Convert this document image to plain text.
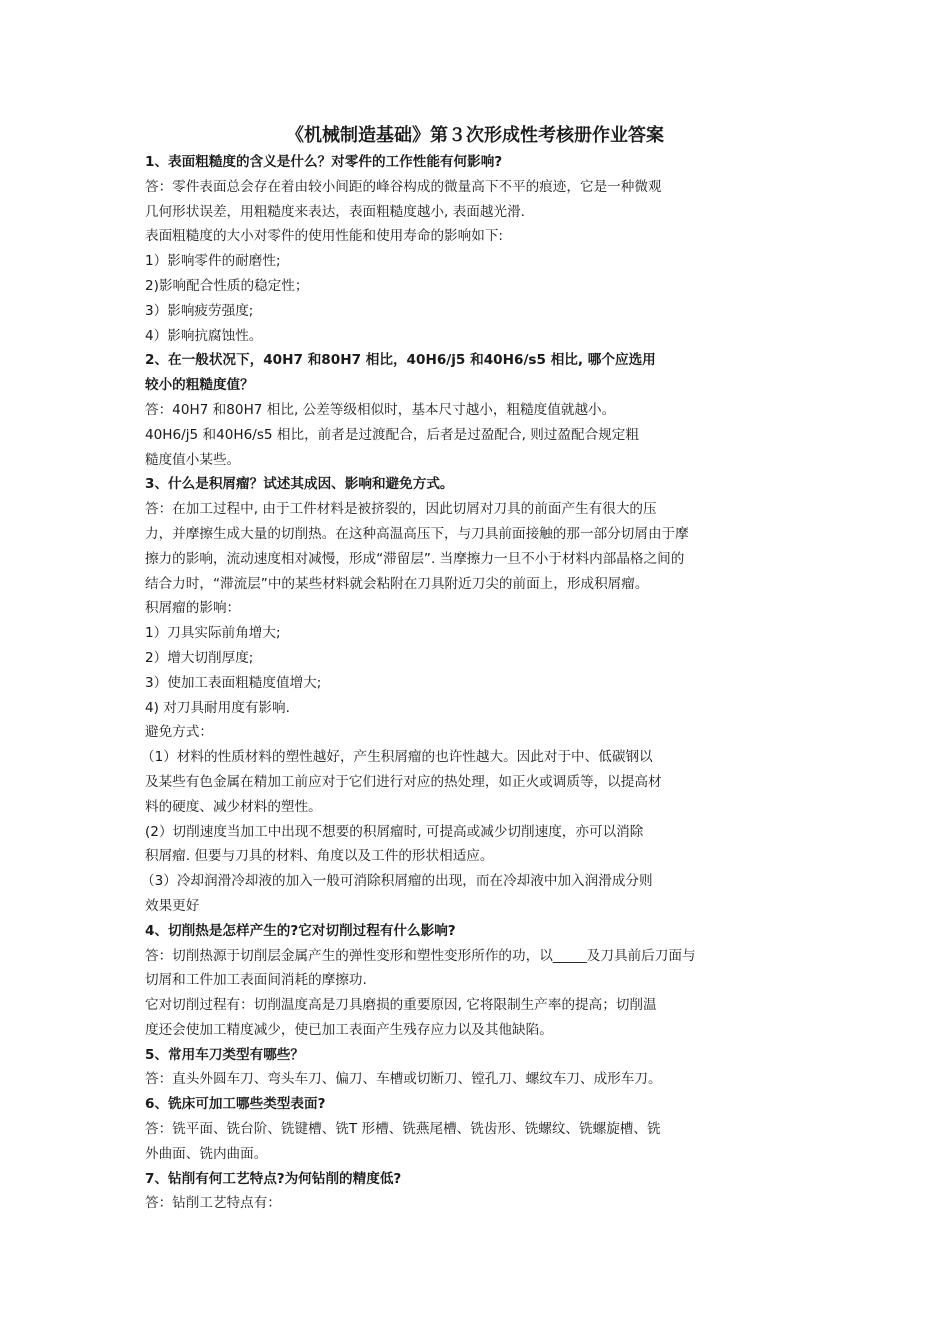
《机械制造基础》第３次形成性考核册作业答案
1、表面粗糙度的含义是什么？对零件的工作性能有何影响?
答：零件表面总会存在着由较小间距的峰谷构成的微量高下不平的痕迹，它是一种微观
几何形状误差，用粗糙度来表达，表面粗糙度越小, 表面越光滑.
表面粗糙度的大小对零件的使用性能和使用寿命的影响如下:
1）影响零件的耐磨性;
2)影响配合性质的稳定性；
3）影响疲劳强度;
4）影响抗腐蚀性。
2、在一般状况下，40H7 和80H7 相比，40H6/j5 和40H6/s5 相比, 哪个应选用
较小的粗糙度值？
答：40H7 和80H7 相比, 公差等级相似时，基本尺寸越小，粗糙度值就越小。
40H6/j5 和40H6/s5 相比，前者是过渡配合，后者是过盈配合, 则过盈配合规定粗
糙度值小某些。
3、什么是积屑瘤？试述其成因、影响和避免方式。
答：在加工过程中, 由于工件材料是被挤裂的，因此切屑对刀具的前面产生有很大的压
力，并摩擦生成大量的切削热。在这种高温高压下，与刀具前面接触的那一部分切屑由于摩
擦力的影响，流动速度相对减慢，形成“滞留层”. 当摩擦力一旦不小于材料内部晶格之间的
结合力时，“滞流层”中的某些材料就会粘附在刀具附近刀尖的前面上，形成积屑瘤。
积屑瘤的影响：
1）刀具实际前角增大;
2）增大切削厚度;
3）使加工表面粗糙度值增大;
4) 对刀具耐用度有影响.
避免方式：
（1）材料的性质材料的塑性越好，产生积屑瘤的也许性越大。因此对于中、低碳钢以
及某些有色金属在精加工前应对于它们进行对应的热处理，如正火或调质等，以提高材
料的硬度、减少材料的塑性。
(2）切削速度当加工中出现不想要的积屑瘤时, 可提高或减少切削速度，亦可以消除
积屑瘤. 但要与刀具的材料、角度以及工件的形状相适应。
（3）冷却润滑冷却液的加入一般可消除积屑瘤的出现，而在冷却液中加入润滑成分则
效果更好
4、切削热是怎样产生的?它对切削过程有什么影响?
答：切削热源于切削层金属产生的弹性变形和塑性变形所作的功，以_____及刀具前后刀面与
切屑和工件加工表面间消耗的摩擦功.
它对切削过程有：切削温度高是刀具磨损的重要原因, 它将限制生产率的提高；切削温
度还会使加工精度减少，使已加工表面产生残存应力以及其他缺陷。
5、常用车刀类型有哪些？
答：直头外圆车刀、弯头车刀、偏刀、车槽或切断刀、镗孔刀、螺纹车刀、成形车刀。
6、铣床可加工哪些类型表面?
答：铣平面、铣台阶、铣键槽、铣T 形槽、铣燕尾槽、铣齿形、铣螺纹、铣螺旋槽、铣
外曲面、铣内曲面。
7、钻削有何工艺特点?为何钻削的精度低?
答：钻削工艺特点有：
